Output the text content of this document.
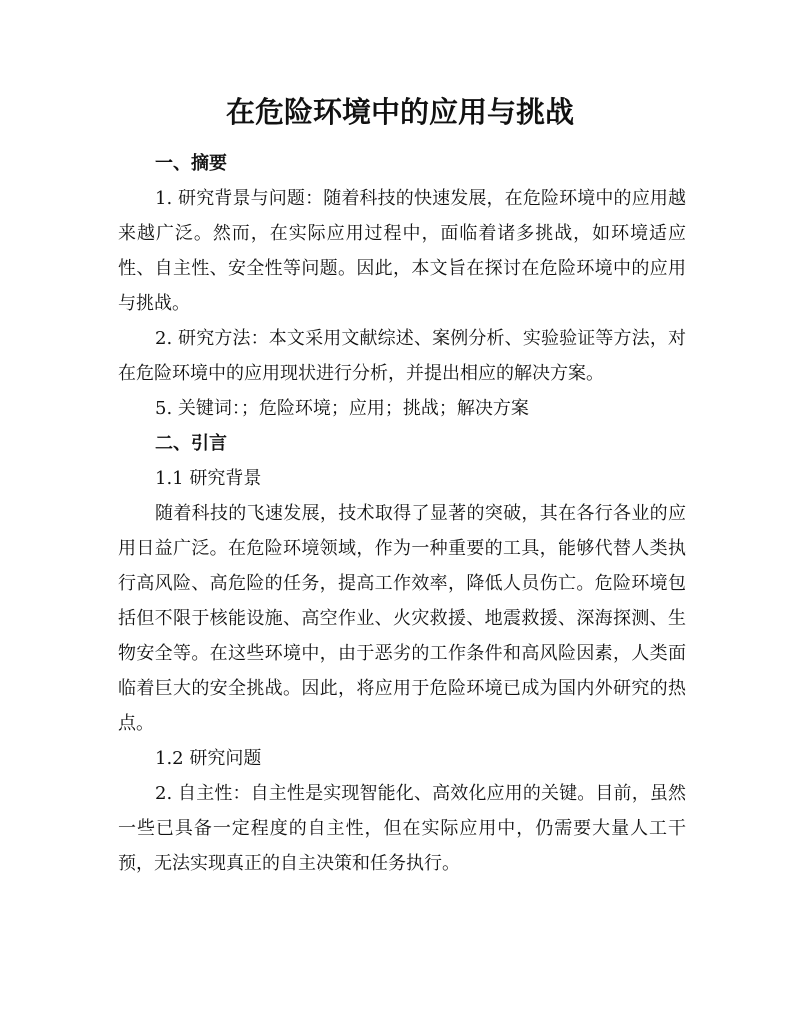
在危险环境中的应用与挑战
一、摘要

1. 研究背景与问题：随着科技的快速发展，在危险环境中的应用越来越广泛。然而，在实际应用过程中，面临着诸多挑战，如环境适应性、自主性、安全性等问题。因此，本文旨在探讨在危险环境中的应用与挑战。

2. 研究方法：本文采用文献综述、案例分析、实验验证等方法，对在危险环境中的应用现状进行分析，并提出相应的解决方案。

5. 关键词：；危险环境；应用；挑战；解决方案

二、引言

1.1 研究背景

随着科技的飞速发展，技术取得了显著的突破，其在各行各业的应用日益广泛。在危险环境领域，作为一种重要的工具，能够代替人类执行高风险、高危险的任务，提高工作效率，降低人员伤亡。危险环境包括但不限于核能设施、高空作业、火灾救援、地震救援、深海探测、生物安全等。在这些环境中，由于恶劣的工作条件和高风险因素，人类面临着巨大的安全挑战。因此，将应用于危险环境已成为国内外研究的热点。

1.2 研究问题

2. 自主性：自主性是实现智能化、高效化应用的关键。目前，虽然一些已具备一定程度的自主性，但在实际应用中，仍需要大量人工干预，无法实现真正的自主决策和任务执行。
